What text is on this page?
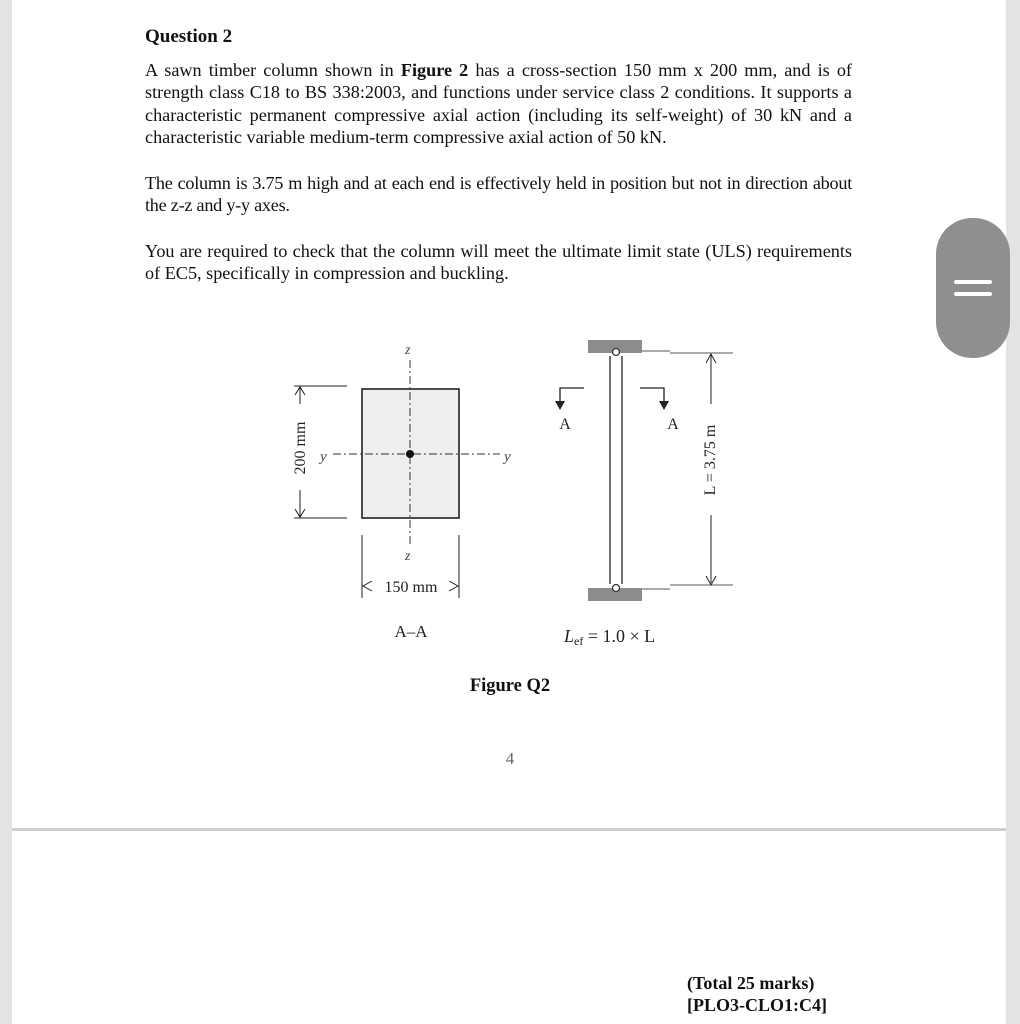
Question 2

A sawn timber column shown in Figure 2 has a cross-section 150 mm x 200 mm, and is of strength class C18 to BS 338:2003, and functions under service class 2 conditions. It supports a characteristic permanent compressive axial action (including its self-weight) of 30 kN and a characteristic variable medium-term compressive axial action of 50 kN.

The column is 3.75 m high and at each end is effectively held in position but not in direction about the z-z and y-y axes.

You are required to check that the column will meet the ultimate limit state (ULS) requirements of EC5, specifically in compression and buckling.

z
z
y	y
200 mm
150 mm
A–A
A	A
L = 3.75 m
Lef = 1.0 × L

Figure Q2

4
(Total 25 marks)
[PLO3-CLO1:C4]
